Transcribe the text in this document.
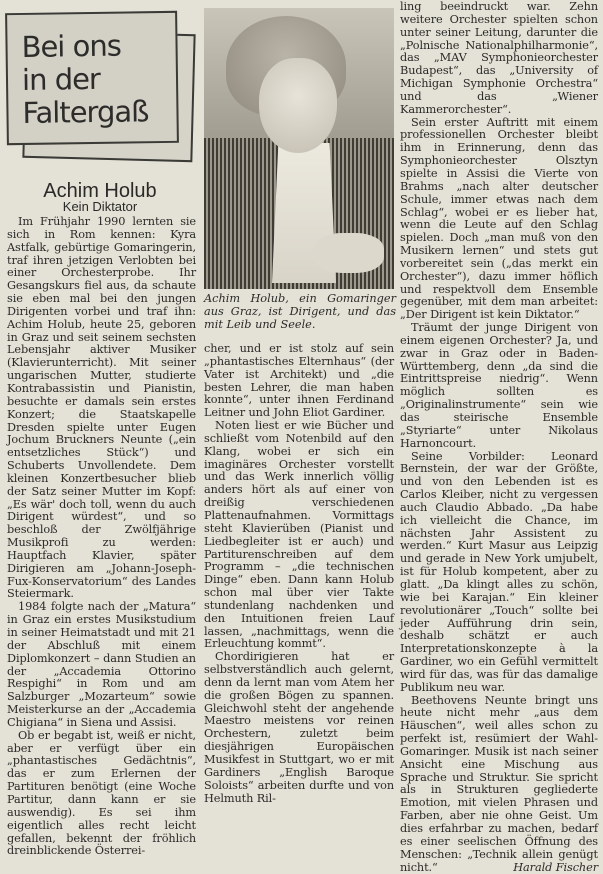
Bei ons
in der
Faltergaß
Achim Holub
Kein Diktator
Achim Holub, ein Gomaringer aus Graz, ist Dirigent, und das mit Leib und Seele.

Im Frühjahr 1990 lernten sie sich in Rom kennen: Kyra Astfalk, gebürtige Gomaringerin, traf ihren jetzigen Verlobten bei einer Orchesterprobe. Ihr Gesangskurs fiel aus, da schaute sie eben mal bei den jungen Dirigenten vorbei und traf ihn: Achim Holub, heute 25, geboren in Graz und seit seinem sechsten Lebensjahr aktiver Musiker (Klavierunterricht). Mit seiner ungarischen Mutter, studierte Kontrabassistin und Pianistin, besuchte er damals sein erstes Konzert; die Staatskapelle Dresden spielte unter Eugen Jochum Bruckners Neunte („ein entsetzliches Stück“) und Schuberts Unvollendete. Dem kleinen Konzertbesucher blieb der Satz seiner Mutter im Kopf: „Es wär' doch toll, wenn du auch Dirigent würdest“, und so beschloß der Zwölfjährige Musikprofi zu werden: Hauptfach Klavier, später Dirigieren am „Johann-Joseph-Fux-Konservatorium“ des Landes Steiermark.

1984 folgte nach der „Matura“ in Graz ein erstes Musikstudium in seiner Heimatstadt und mit 21 der Abschluß mit einem Diplomkonzert – dann Studien an der „Accademia Ottorino Respighi“ in Rom und am Salzburger „Mozarteum“ sowie Meisterkurse an der „Accademia Chigiana“ in Siena und Assisi.

Ob er begabt ist, weiß er nicht, aber er verfügt über ein „phantastisches Gedächtnis“, das er zum Erlernen der Partituren benötigt (eine Woche Partitur, dann kann er sie auswendig). Es sei ihm eigentlich alles recht leicht gefallen, bekennt der fröhlich dreinblickende Österrei-

cher, und er ist stolz auf sein „phantastisches Elternhaus“ (der Vater ist Architekt) und „die besten Lehrer, die man haben konnte“, unter ihnen Ferdinand Leitner und John Eliot Gardiner.

Noten liest er wie Bücher und schließt vom Notenbild auf den Klang, wobei er sich ein imaginäres Orchester vorstellt und das Werk innerlich völlig anders hört als auf einer von dreißig verschiedenen Plattenaufnahmen. Vormittags steht Klavierüben (Pianist und Liedbegleiter ist er auch) und Partiturenschreiben auf dem Programm – „die technischen Dinge“ eben. Dann kann Holub schon mal über vier Takte stundenlang nachdenken und den Intuitionen freien Lauf lassen, „nachmittags, wenn die Erleuchtung kommt“.

Chordirigieren hat er selbstverständlich auch gelernt, denn da lernt man vom Atem her die großen Bögen zu spannen. Gleichwohl steht der angehende Maestro meistens vor reinen Orchestern, zuletzt beim diesjährigen Europäischen Musikfest in Stuttgart, wo er mit Gardiners „English Baroque Soloists“ arbeiten durfte und von Helmuth Ril-

ling beeindruckt war. Zehn weitere Orchester spielten schon unter seiner Leitung, darunter die „Polnische Nationalphilharmonie“, das „MAV Symphonieorchester Budapest“, das „University of Michigan Symphonie Orchestra“ und das „Wiener Kammerorchester“.

Sein erster Auftritt mit einem professionellen Orchester bleibt ihm in Erinnerung, denn das Symphonieorchester Olsztyn spielte in Assisi die Vierte von Brahms „nach alter deutscher Schule, immer etwas nach dem Schlag“, wobei er es lieber hat, wenn die Leute auf den Schlag spielen. Doch „man muß von den Musikern lernen“ und stets gut vorbereitet sein („das merkt ein Orchester“), dazu immer höflich und respektvoll dem Ensemble gegenüber, mit dem man arbeitet: „Der Dirigent ist kein Diktator.“

Träumt der junge Dirigent von einem eigenen Orchester? Ja, und zwar in Graz oder in Baden-Württemberg, denn „da sind die Eintrittspreise niedrig“. Wenn möglich sollten es „Originalinstrumente“ sein wie das steirische Ensemble „Styriarte“ unter Nikolaus Harnoncourt.

Seine Vorbilder: Leonard Bernstein, der war der Größte, und von den Lebenden ist es Carlos Kleiber, nicht zu vergessen auch Claudio Abbado. „Da habe ich vielleicht die Chance, im nächsten Jahr Assistent zu werden.“ Kurt Masur aus Leipzig und gerade in New York umjubelt, ist für Holub kompetent, aber zu glatt. „Da klingt alles zu schön, wie bei Karajan.“ Ein kleiner revolutionärer „Touch“ sollte bei jeder Aufführung drin sein, deshalb schätzt er auch Interpretationskonzepte à la Gardiner, wo ein Gefühl vermittelt wird für das, was für das damalige Publikum neu war.

Beethovens Neunte bringt uns heute nicht mehr „aus dem Häuschen“, weil alles schon zu perfekt ist, resümiert der Wahl-Gomaringer. Musik ist nach seiner Ansicht eine Mischung aus Sprache und Struktur. Sie spricht als in Strukturen gegliederte Emotion, mit vielen Phrasen und Farben, aber nie ohne Geist. Um dies erfahrbar zu machen, bedarf es einer seelischen Öffnung des Menschen: „Technik allein genügt nicht.“	Harald Fischer
